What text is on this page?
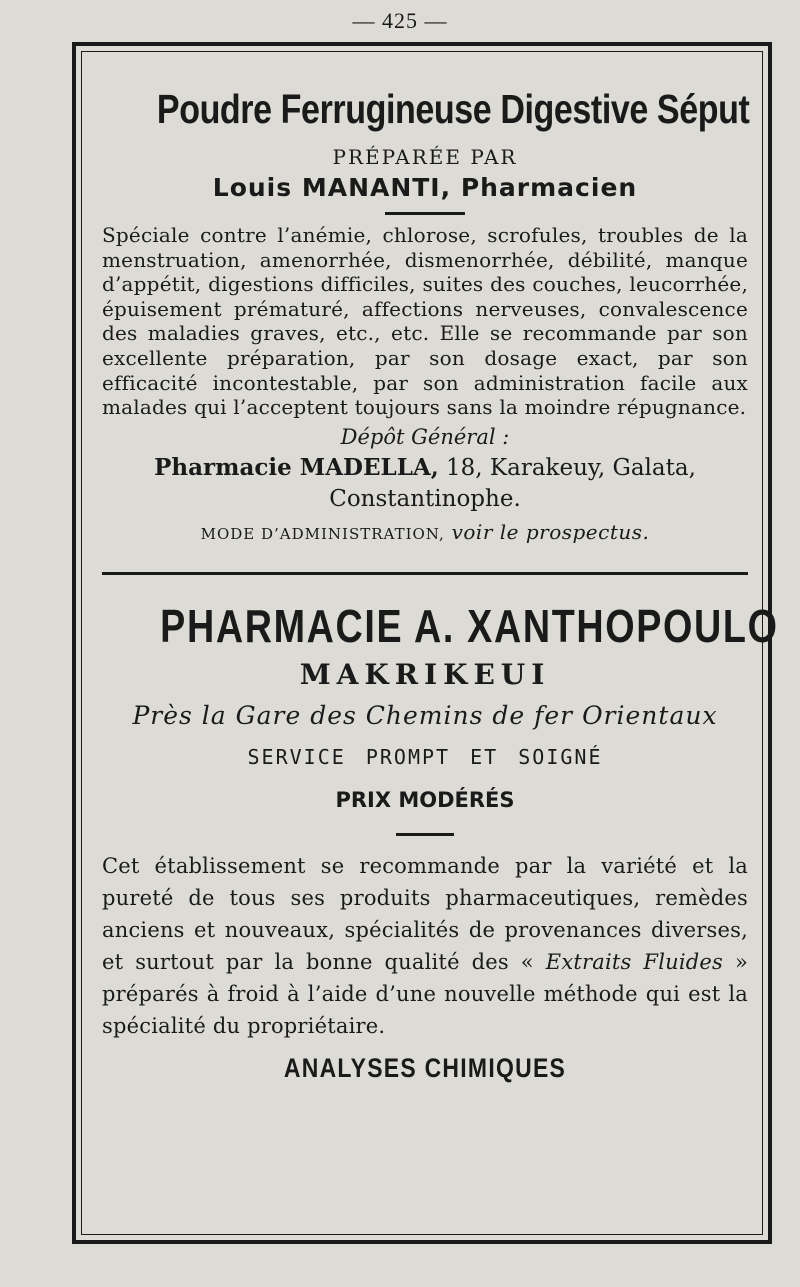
— 425 —
Poudre Ferrugineuse Digestive Séput
PRÉPARÉE PAR
Louis MANANTI, Pharmacien
Spéciale contre l’anémie, chlorose, scrofules, troubles de la menstruation, amenorrhée, dismenorrhée, débilité, manque d’appétit, digestions difficiles, suites des couches, leucorrhée, épuisement prématuré, affections nerveuses, convalescence des maladies graves, etc., etc. Elle se recommande par son excellente préparation, par son dosage exact, par son efficacité incontestable, par son administration facile aux malades qui l’acceptent toujours sans la moindre répugnance.
Dépôt Général :
Pharmacie MADELLA, 18, Karakeuy, Galata,
Constantinophe.
MODE D’ADMINISTRATION, voir le prospectus.
PHARMACIE A. XANTHOPOULO
MAKRIKEUI
Près la Gare des Chemins de fer Orientaux
SERVICE PROMPT ET SOIGNÉ
PRIX MODÉRÉS
Cet établissement se recommande par la variété et la pureté de tous ses produits pharmaceutiques, remèdes anciens et nouveaux, spécialités de provenances diverses, et surtout par la bonne qualité des « Extraits Fluides » préparés à froid à l’aide d’une nouvelle méthode qui est la spécialité du propriétaire.
ANALYSES CHIMIQUES
